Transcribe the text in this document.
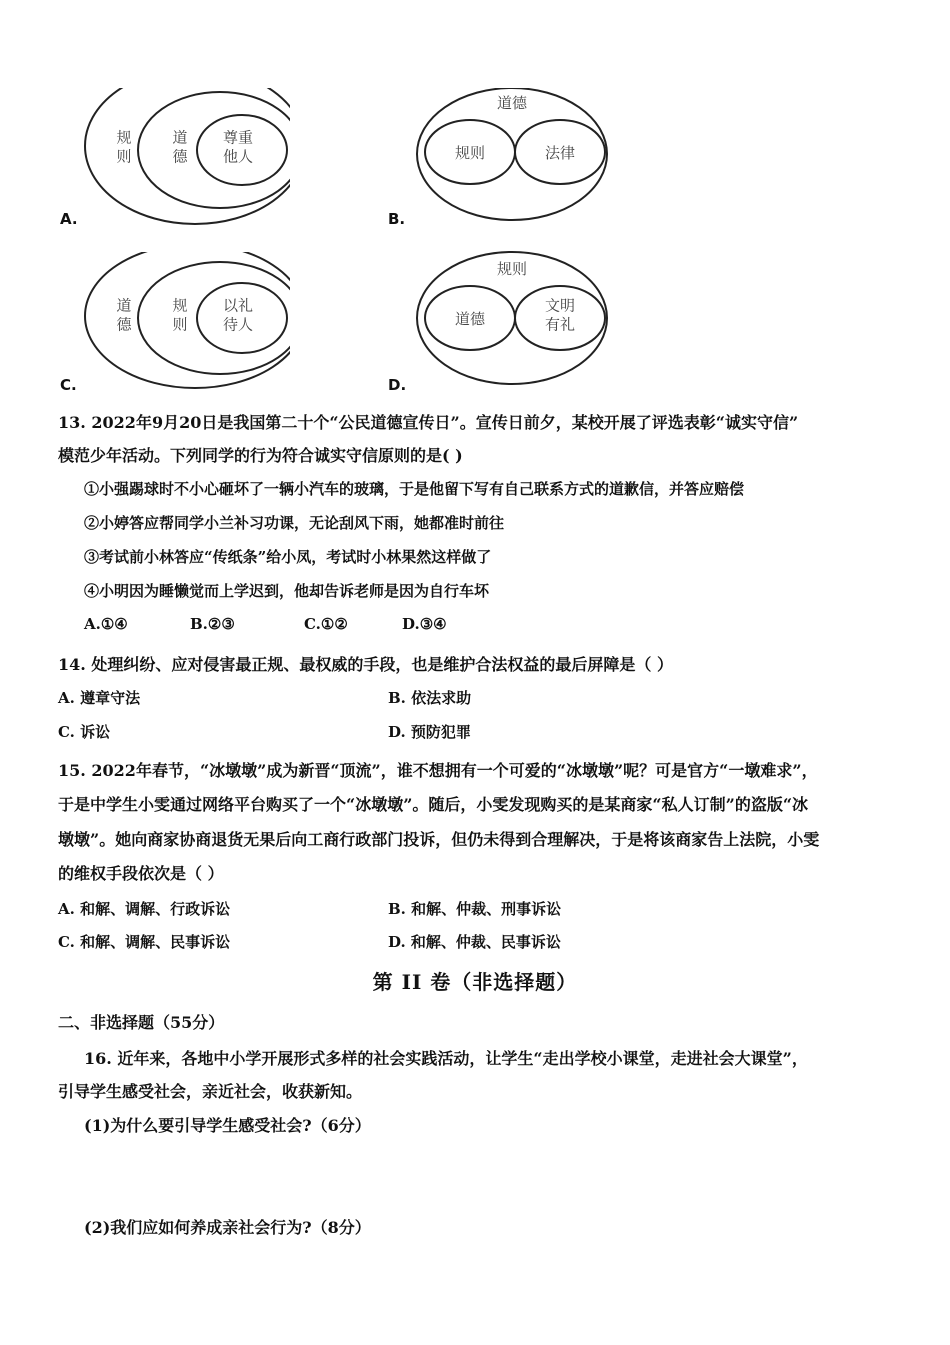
规则
道德
尊重他人
A.
道德
规则	法律
B.
道德
规则
以礼待人
C.
规则
道德
文明有礼
D.
13. 2022年9月20日是我国第二十个“公民道德宣传日”。宣传日前夕，某校开展了评选表彰“诚实守信”
模范少年活动。下列同学的行为符合诚实守信原则的是( )
①小强踢球时不小心砸坏了一辆小汽车的玻璃，于是他留下写有自己联系方式的道歉信，并答应赔偿
②小婷答应帮同学小兰补习功课，无论刮风下雨，她都准时前往
③考试前小林答应“传纸条”给小凤，考试时小林果然这样做了
④小明因为睡懒觉而上学迟到，他却告诉老师是因为自行车坏
A.①④	B.②③	C.①②	D.③④
14. 处理纠纷、应对侵害最正规、最权威的手段，也是维护合法权益的最后屏障是（ ）
A. 遵章守法	B. 依法求助
C. 诉讼	D. 预防犯罪
15. 2022年春节，“冰墩墩”成为新晋“顶流”，谁不想拥有一个可爱的“冰墩墩”呢？可是官方“一墩难求”，
于是中学生小雯通过网络平台购买了一个“冰墩墩”。随后，小雯发现购买的是某商家“私人订制”的盗版“冰
墩墩”。她向商家协商退货无果后向工商行政部门投诉，但仍未得到合理解决，于是将该商家告上法院，小雯
的维权手段依次是（ ）
A. 和解、调解、行政诉讼	B. 和解、仲裁、刑事诉讼
C. 和解、调解、民事诉讼	D. 和解、仲裁、民事诉讼
第 II 卷（非选择题）
二、非选择题（55分）
16. 近年来，各地中小学开展形式多样的社会实践活动，让学生“走出学校小课堂，走进社会大课堂”，
引导学生感受社会，亲近社会，收获新知。
(1)为什么要引导学生感受社会?（6分）
(2)我们应如何养成亲社会行为?（8分）
